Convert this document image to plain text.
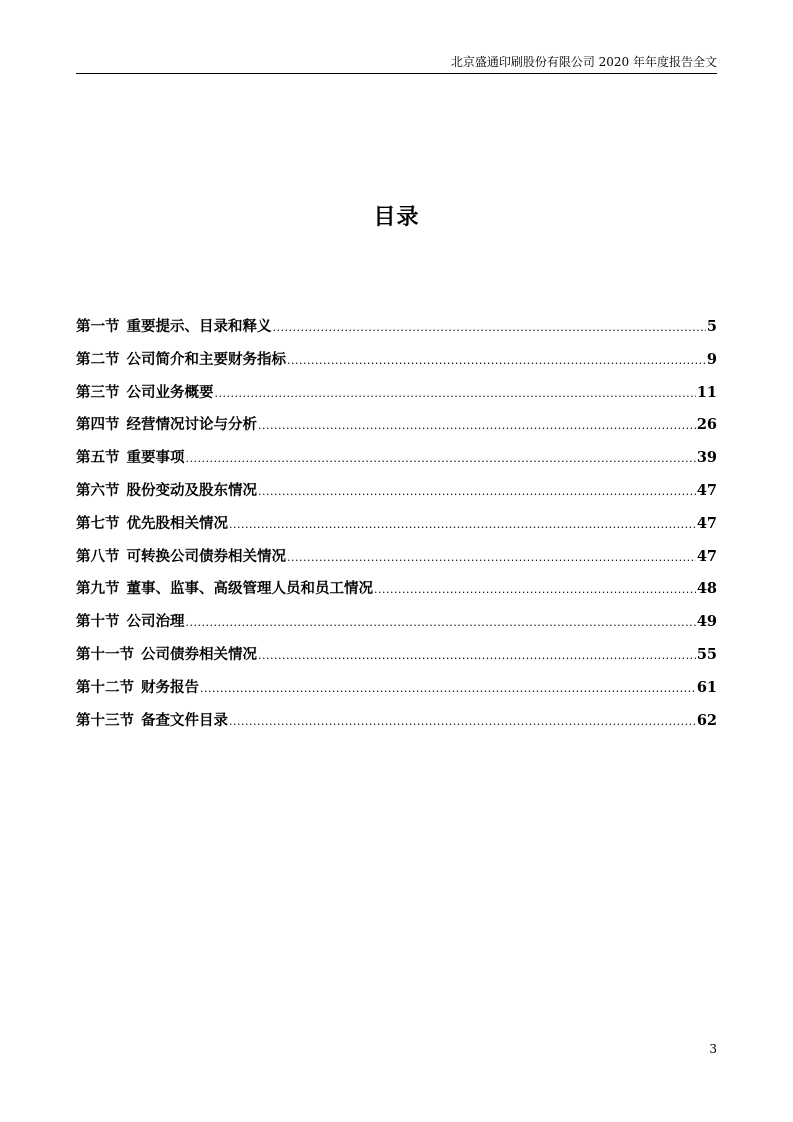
北京盛通印刷股份有限公司 2020 年年度报告全文
目录
第一节 重要提示、目录和释义 .....	5
第二节 公司简介和主要财务指标 .....	9
第三节 公司业务概要 .....	11
第四节 经营情况讨论与分析 .....	26
第五节 重要事项 .....	39
第六节 股份变动及股东情况 .....	47
第七节 优先股相关情况 .....	47
第八节 可转换公司债券相关情况 .....	47
第九节 董事、监事、高级管理人员和员工情况 .....	48
第十节 公司治理 .....	49
第十一节 公司债券相关情况 .....	55
第十二节 财务报告 .....	61
第十三节 备查文件目录 .....	62
3
